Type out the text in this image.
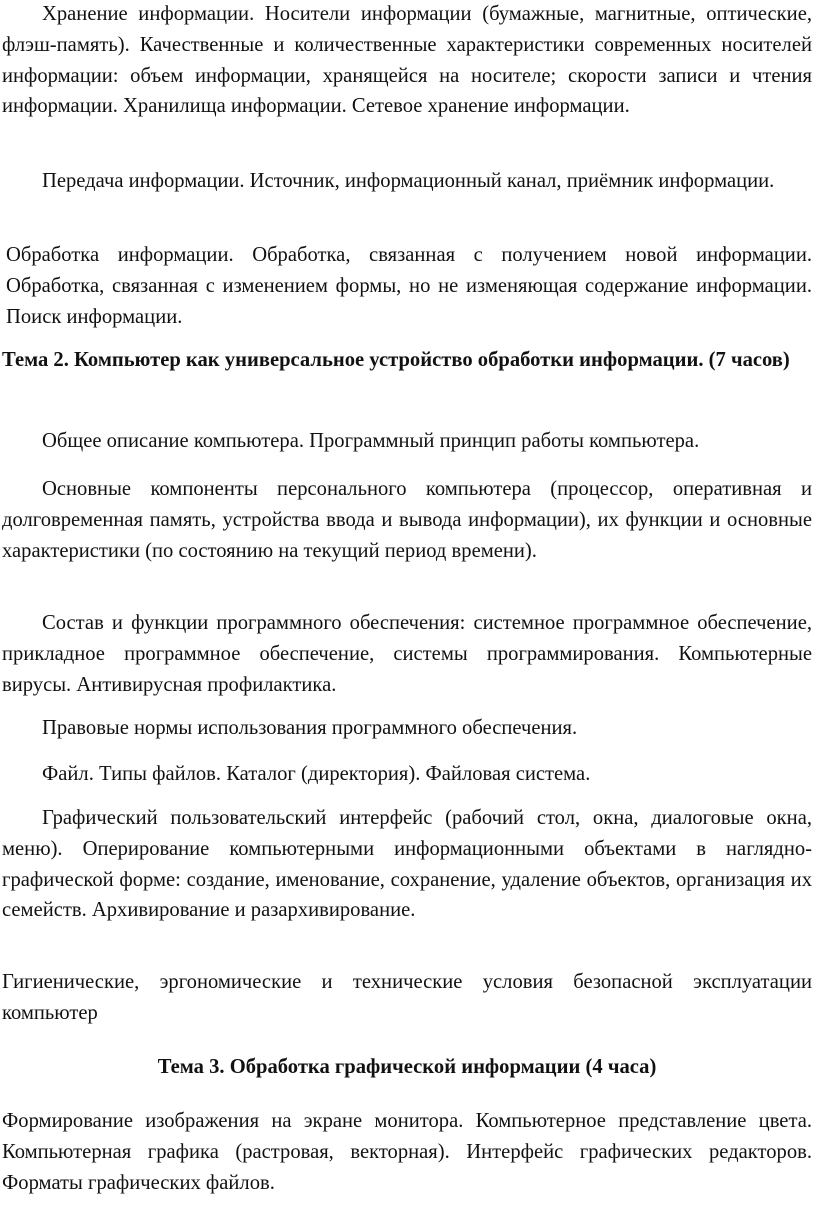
Хранение информации. Носители информации (бумажные, магнитные, оптические, флэш-память). Качественные и количественные характеристики современных носителей информации: объем информации, хранящейся на носителе; скорости записи и чтения информации. Хранилища информации. Сетевое хранение информации.

Передача информации. Источник, информационный канал, приёмник информации.

Обработка информации. Обработка, связанная с получением новой информации. Обработка, связанная с изменением формы, но не изменяющая содержание информации. Поиск информации.

Тема 2. Компьютер как универсальное устройство обработки информации. (7 часов)

Общее описание компьютера. Программный принцип работы компьютера.

Основные компоненты персонального компьютера (процессор, оперативная и долговременная память, устройства ввода и вывода информации), их функции и основные характеристики (по состоянию на текущий период времени).

Состав и функции программного обеспечения: системное программное обеспечение, прикладное программное обеспечение, системы программирования. Компьютерные вирусы. Антивирусная профилактика.

Правовые нормы использования программного обеспечения.

Файл. Типы файлов. Каталог (директория). Файловая система.

Графический пользовательский интерфейс (рабочий стол, окна, диалоговые окна, меню). Оперирование компьютерными информационными объектами в наглядно-графической форме: создание, именование, сохранение, удаление объектов, организация их семейств. Архивирование и разархивирование.

Гигиенические, эргономические и технические условия безопасной эксплуатации компьютер

Тема 3. Обработка графической информации (4 часа)

Формирование изображения на экране монитора. Компьютерное представление цвета. Компьютерная графика (растровая, векторная). Интерфейс графических редакторов. Форматы графических файлов.
